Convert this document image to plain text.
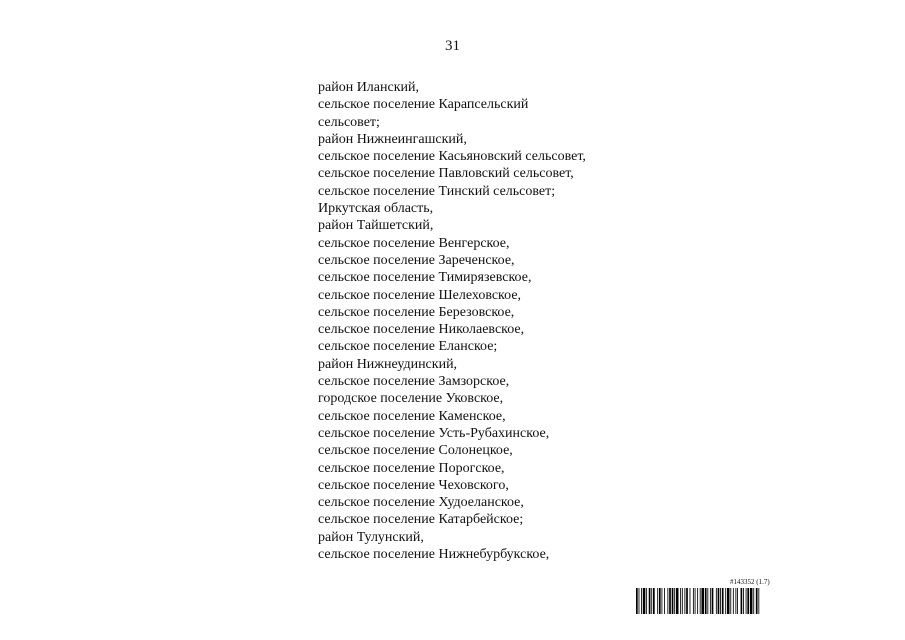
31
район Иланский,
сельское поселение Карапсельский
сельсовет;
район Нижнеингашский,
сельское поселение Касьяновский сельсовет,
сельское поселение Павловский сельсовет,
сельское поселение Тинский сельсовет;
Иркутская область,
район Тайшетский,
сельское поселение Венгерское,
сельское поселение Зареченское,
сельское поселение Тимирязевское,
сельское поселение Шелеховское,
сельское поселение Березовское,
сельское поселение Николаевское,
сельское поселение Еланское;
район Нижнеудинский,
сельское поселение Замзорское,
городское поселение Уковское,
сельское поселение Каменское,
сельское поселение Усть-Рубахинское,
сельское поселение Солонецкое,
сельское поселение Порогское,
сельское поселение Чеховского,
сельское поселение Худоеланское,
сельское поселение Катарбейское;
район Тулунский,
сельское поселение Нижнебурбукское,
#143352 (1.7)
